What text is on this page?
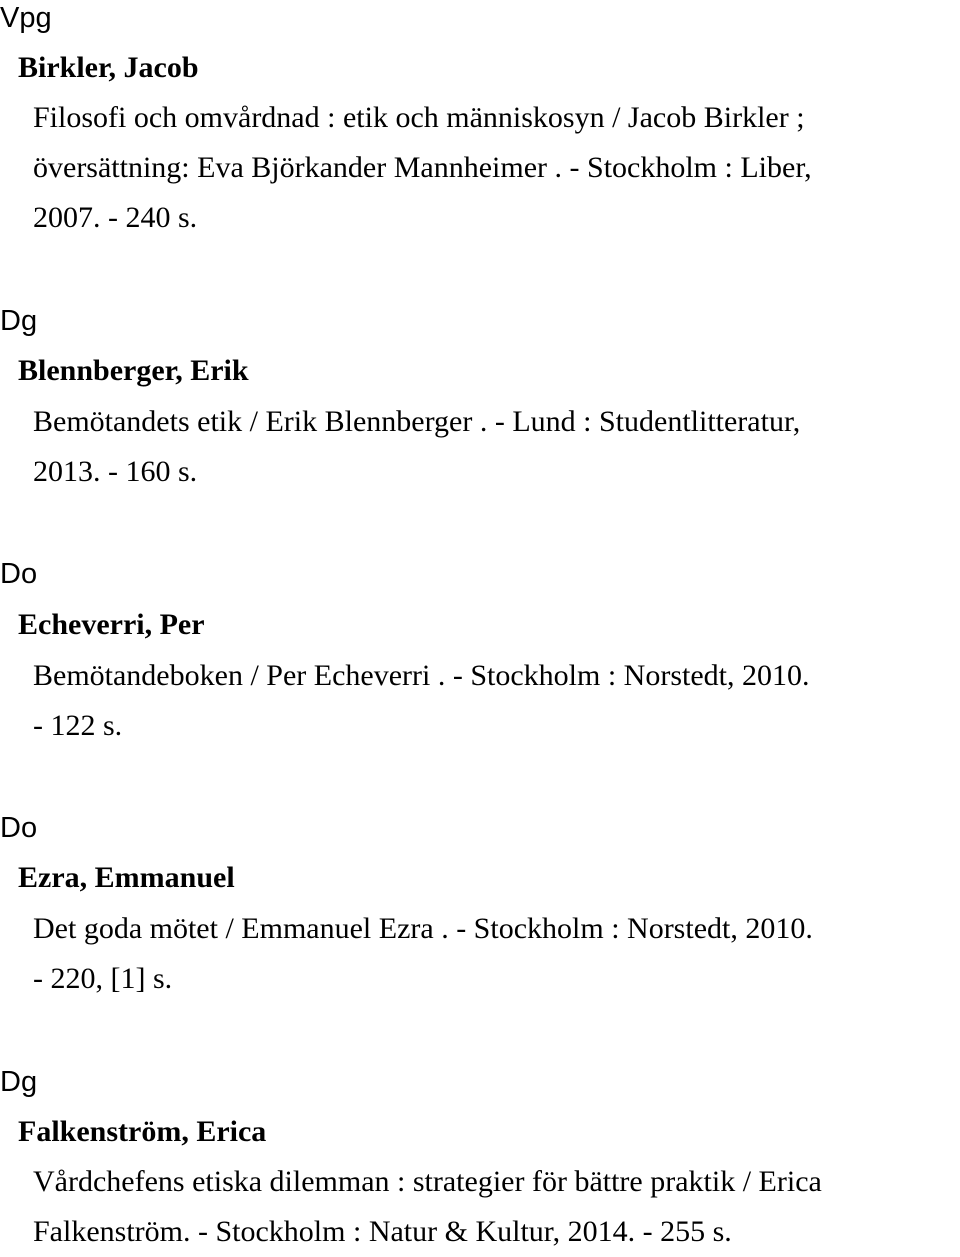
Vpg
Birkler, Jacob
Filosofi och omvårdnad : etik och människosyn / Jacob Birkler ;
översättning: Eva Björkander Mannheimer . - Stockholm : Liber,
2007. - 240 s.
Dg
Blennberger, Erik
Bemötandets etik / Erik Blennberger . - Lund : Studentlitteratur,
2013. - 160 s.
Do
Echeverri, Per
Bemötandeboken / Per Echeverri . - Stockholm : Norstedt, 2010.
- 122 s.
Do
Ezra, Emmanuel
Det goda mötet / Emmanuel Ezra . - Stockholm : Norstedt, 2010.
- 220, [1] s.
Dg
Falkenström, Erica
Vårdchefens etiska dilemman : strategier för bättre praktik / Erica
Falkenström. - Stockholm : Natur & Kultur, 2014. - 255 s.
